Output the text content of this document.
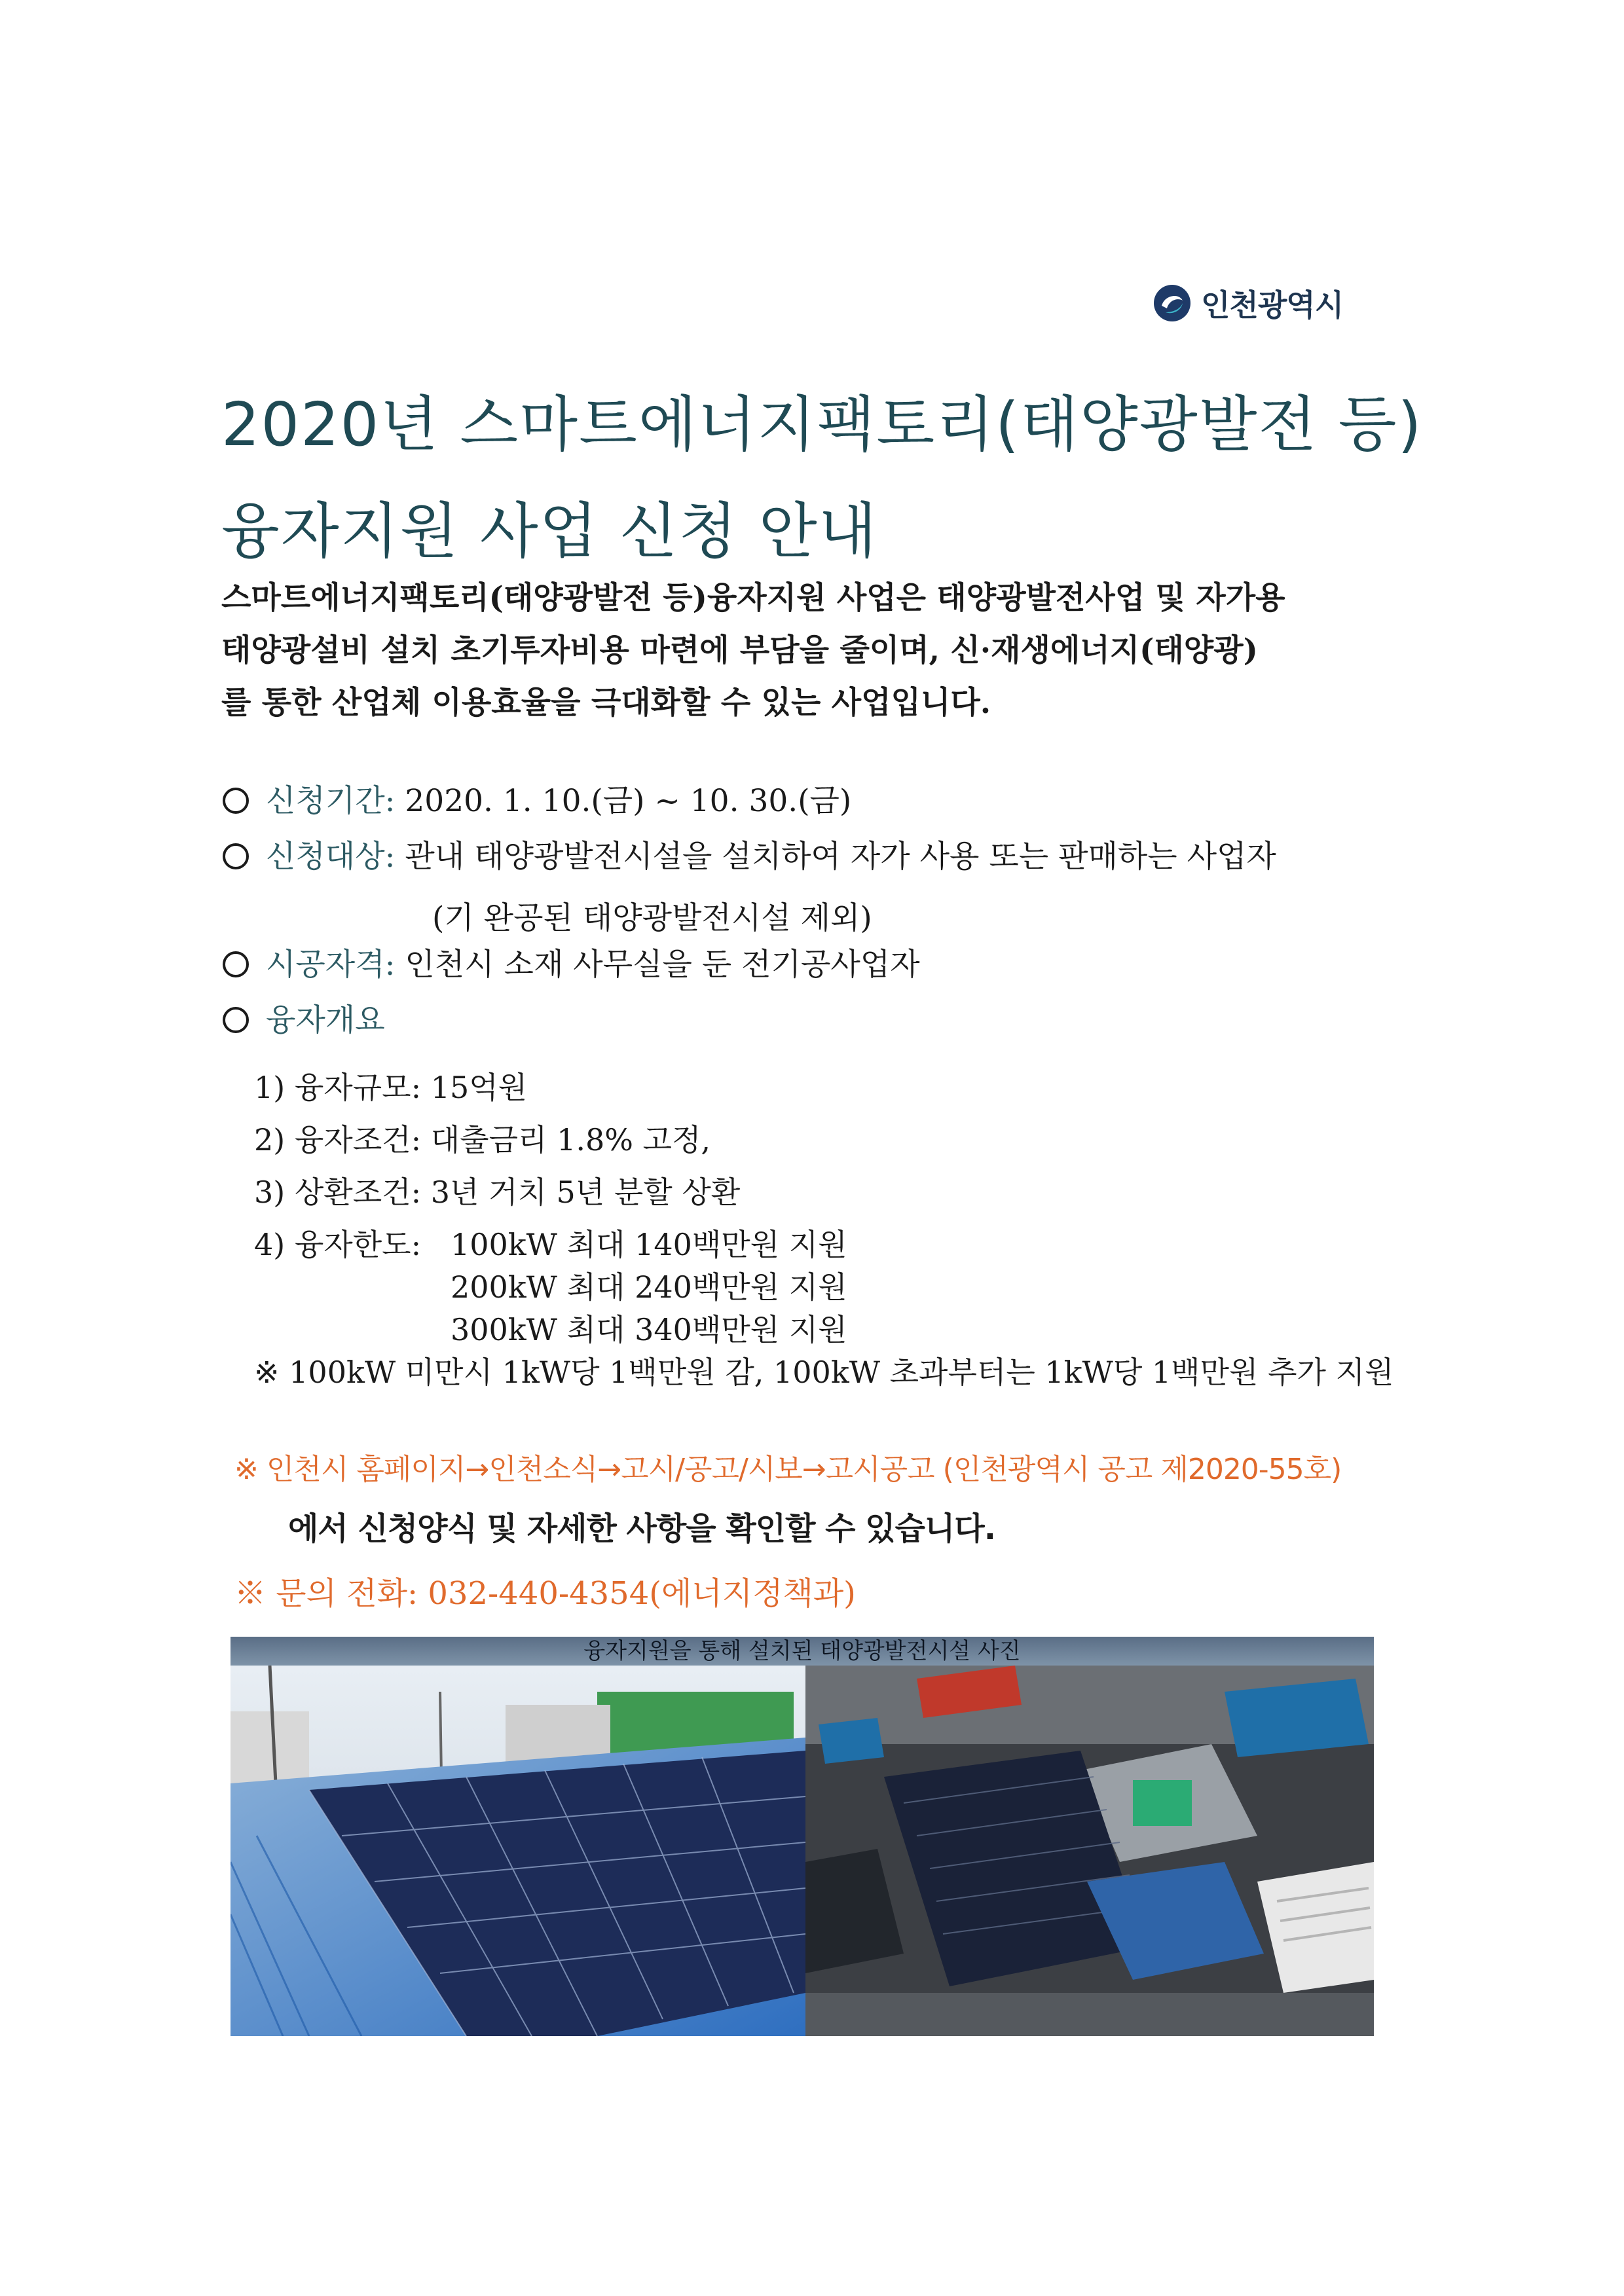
인천광역시
2020년 스마트에너지팩토리(태양광발전 등)
융자지원 사업 신청 안내
스마트에너지팩토리(태양광발전 등)융자지원 사업은 태양광발전사업 및 자가용
태양광설비 설치 초기투자비용 마련에 부담을 줄이며, 신·재생에너지(태양광)
를 통한 산업체 이용효율을 극대화할 수 있는 사업입니다.
신청기간: 2020. 1. 10.(금) ~ 10. 30.(금)
신청대상: 관내 태양광발전시설을 설치하여 자가 사용 또는 판매하는 사업자
(기 완공된 태양광발전시설 제외)
시공자격: 인천시 소재 사무실을 둔 전기공사업자
융자개요
1) 융자규모: 15억원
2) 융자조건: 대출금리 1.8% 고정,
3) 상환조건: 3년 거치 5년 분할 상환
4) 융자한도: 100kW 최대 140백만원 지원
200kW 최대 240백만원 지원
300kW 최대 340백만원 지원
※ 100kW 미만시 1kW당 1백만원 감, 100kW 초과부터는 1kW당 1백만원 추가 지원
※ 인천시 홈페이지→인천소식→고시/공고/시보→고시공고 (인천광역시 공고 제2020-55호)
에서 신청양식 및 자세한 사항을 확인할 수 있습니다.
※ 문의 전화: 032-440-4354(에너지정책과)
융자지원을 통해 설치된 태양광발전시설 사진
